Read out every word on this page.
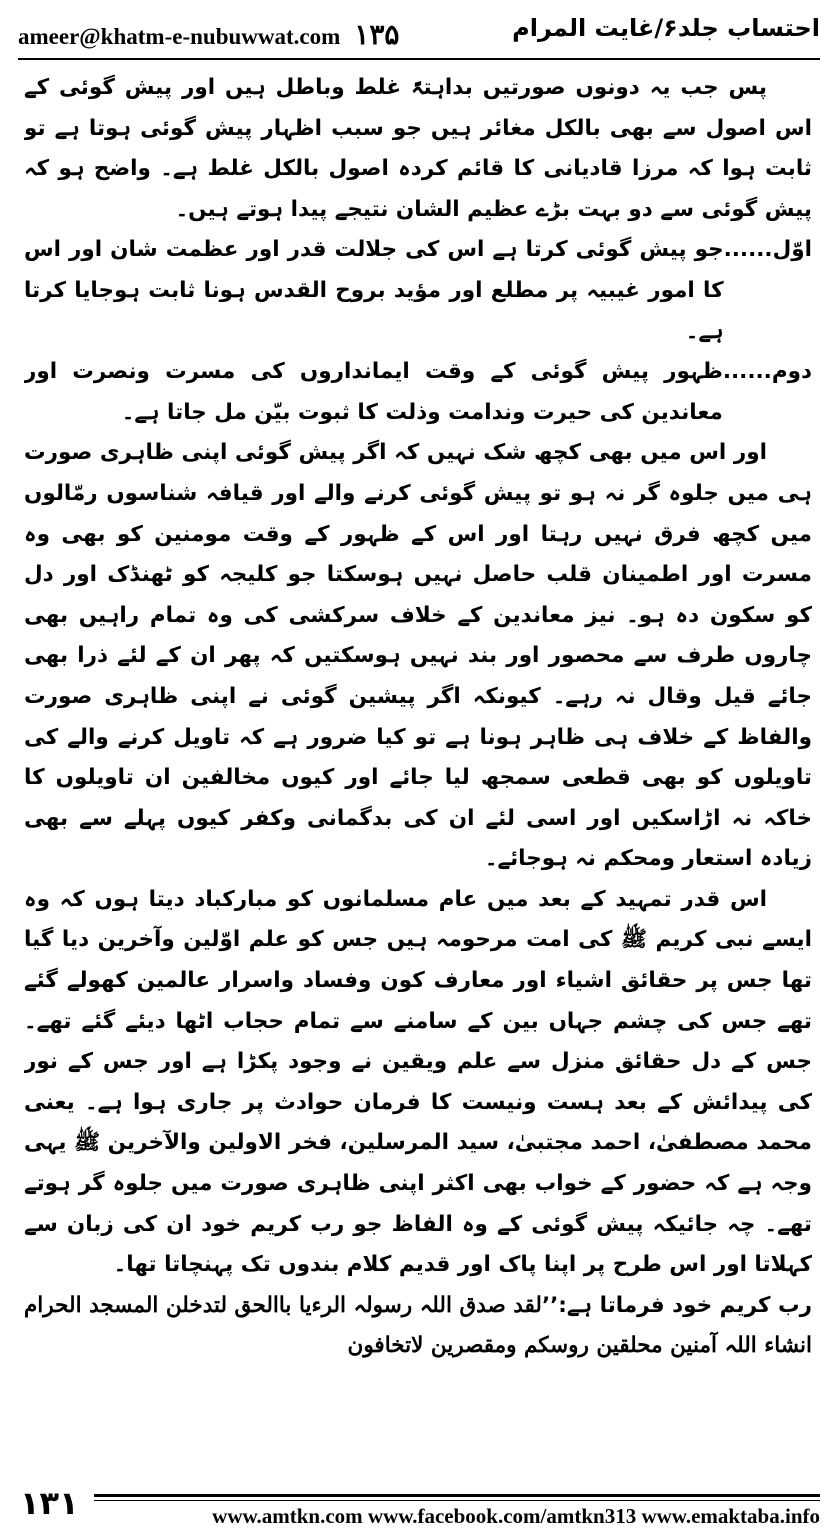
ameer@khatm-e-nubuwwat.com ۱۳۵	احتساب جلد۶/غایت المرام

پس جب یہ دونوں صورتیں بداہتہً غلط وباطل ہیں اور پیش گوئی کے اس اصول سے بھی بالکل مغائر ہیں جو سبب اظہار پیش گوئی ہوتا ہے تو ثابت ہوا کہ مرزا قادیانی کا قائم کردہ اصول بالکل غلط ہے۔ واضح ہو کہ پیش گوئی سے دو بہت بڑے عظیم الشان نتیجے پیدا ہوتے ہیں۔

اوّل......
جو پیش گوئی کرتا ہے اس کی جلالت قدر اور عظمت شان اور اس کا امور غیبیہ پر مطلع اور مؤید بروح القدس ہونا ثابت ہوجایا کرتا ہے۔
دوم......
ظہور پیش گوئی کے وقت ایمانداروں کی مسرت ونصرت اور معاندین کی حیرت وندامت وذلت کا ثبوت بیّن مل جاتا ہے۔

اور اس میں بھی کچھ شک نہیں کہ اگر پیش گوئی اپنی ظاہری صورت ہی میں جلوہ گر نہ ہو تو پیش گوئی کرنے والے اور قیافہ شناسوں رمّالوں میں کچھ فرق نہیں رہتا اور اس کے ظہور کے وقت مومنین کو بھی وہ مسرت اور اطمینان قلب حاصل نہیں ہوسکتا جو کلیجہ کو ٹھنڈک اور دل کو سکون دہ ہو۔ نیز معاندین کے خلاف سرکشی کی وہ تمام راہیں بھی چاروں طرف سے محصور اور بند نہیں ہوسکتیں کہ پھر ان کے لئے ذرا بھی جائے قیل وقال نہ رہے۔ کیونکہ اگر پیشین گوئی نے اپنی ظاہری صورت والفاظ کے خلاف ہی ظاہر ہونا ہے تو کیا ضرور ہے کہ تاویل کرنے والے کی تاویلوں کو بھی قطعی سمجھ لیا جائے اور کیوں مخالفین ان تاویلوں کا خاکہ نہ اڑاسکیں اور اسی لئے ان کی بدگمانی وکفر کیوں پہلے سے بھی زیادہ استعار ومحکم نہ ہوجائے۔

اس قدر تمہید کے بعد میں عام مسلمانوں کو مبارکباد دیتا ہوں کہ وہ ایسے نبی کریم ﷺ کی امت مرحومہ ہیں جس کو علم اوّلین وآخرین دیا گیا تھا جس پر حقائق اشیاء اور معارف کون وفساد واسرار عالمین کھولے گئے تھے جس کی چشم جہاں بین کے سامنے سے تمام حجاب اٹھا دیئے گئے تھے۔ جس کے دل حقائق منزل سے علم ویقین نے وجود پکڑا ہے اور جس کے نور کی پیدائش کے بعد ہست ونیست کا فرمان حوادث پر جاری ہوا ہے۔ یعنی محمد مصطفیٰ، احمد مجتبیٰ، سید المرسلین، فخر الاولین والآخرین ﷺ یہی وجہ ہے کہ حضور کے خواب بھی اکثر اپنی ظاہری صورت میں جلوہ گر ہوتے تھے۔ چہ جائیکہ پیش گوئی کے وہ الفاظ جو رب کریم خود ان کی زبان سے کہلاتا اور اس طرح پر اپنا پاک اور قدیم کلام بندوں تک پہنچاتا تھا۔

رب کریم خود فرماتا ہے:’’لقد صدق اللہ رسولہ الرءیا باالحق لتدخلن المسجد الحرام انشاء اللہ آمنین محلقین روسکم ومقصرین لاتخافون

۱۳۱	www.amtkn.com www.facebook.com/amtkn313 www.emaktaba.info
